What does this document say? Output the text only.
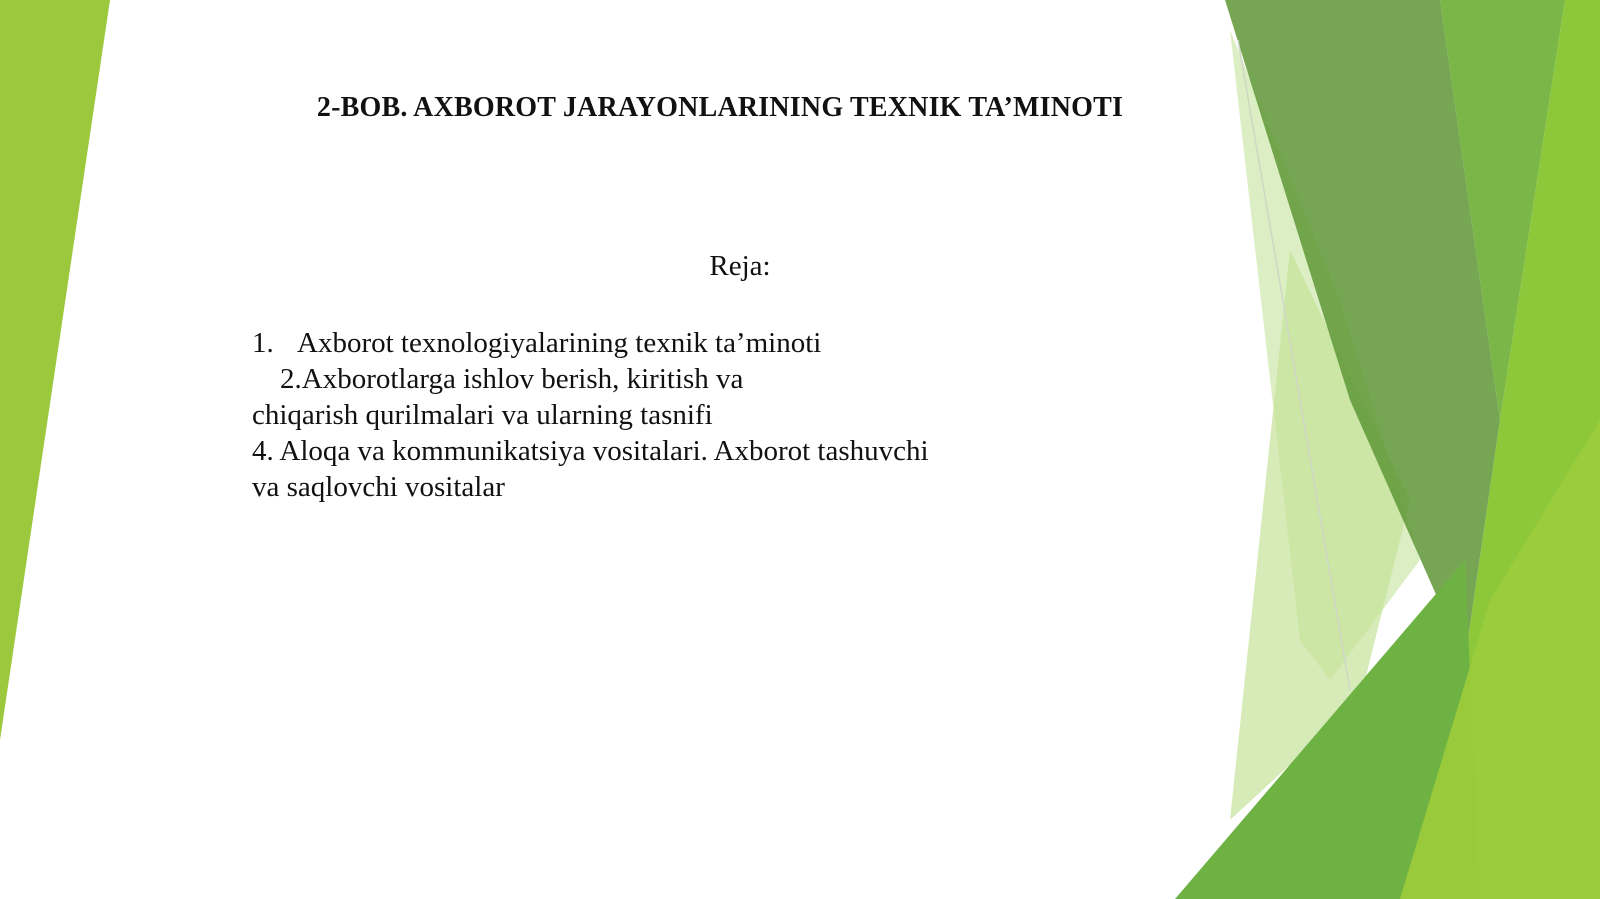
2-BOB. AXBOROT JARAYONLARINING TEXNIK TA’MINOTI
Reja:
1. Axborot texnologiyalarining texnik ta’minoti
2.Axborotlarga ishlov berish, kiritish va
chiqarish qurilmalari va ularning tasnifi
4. Aloqa va kommunikatsiya vositalari. Axborot tashuvchi
va saqlovchi vositalar
